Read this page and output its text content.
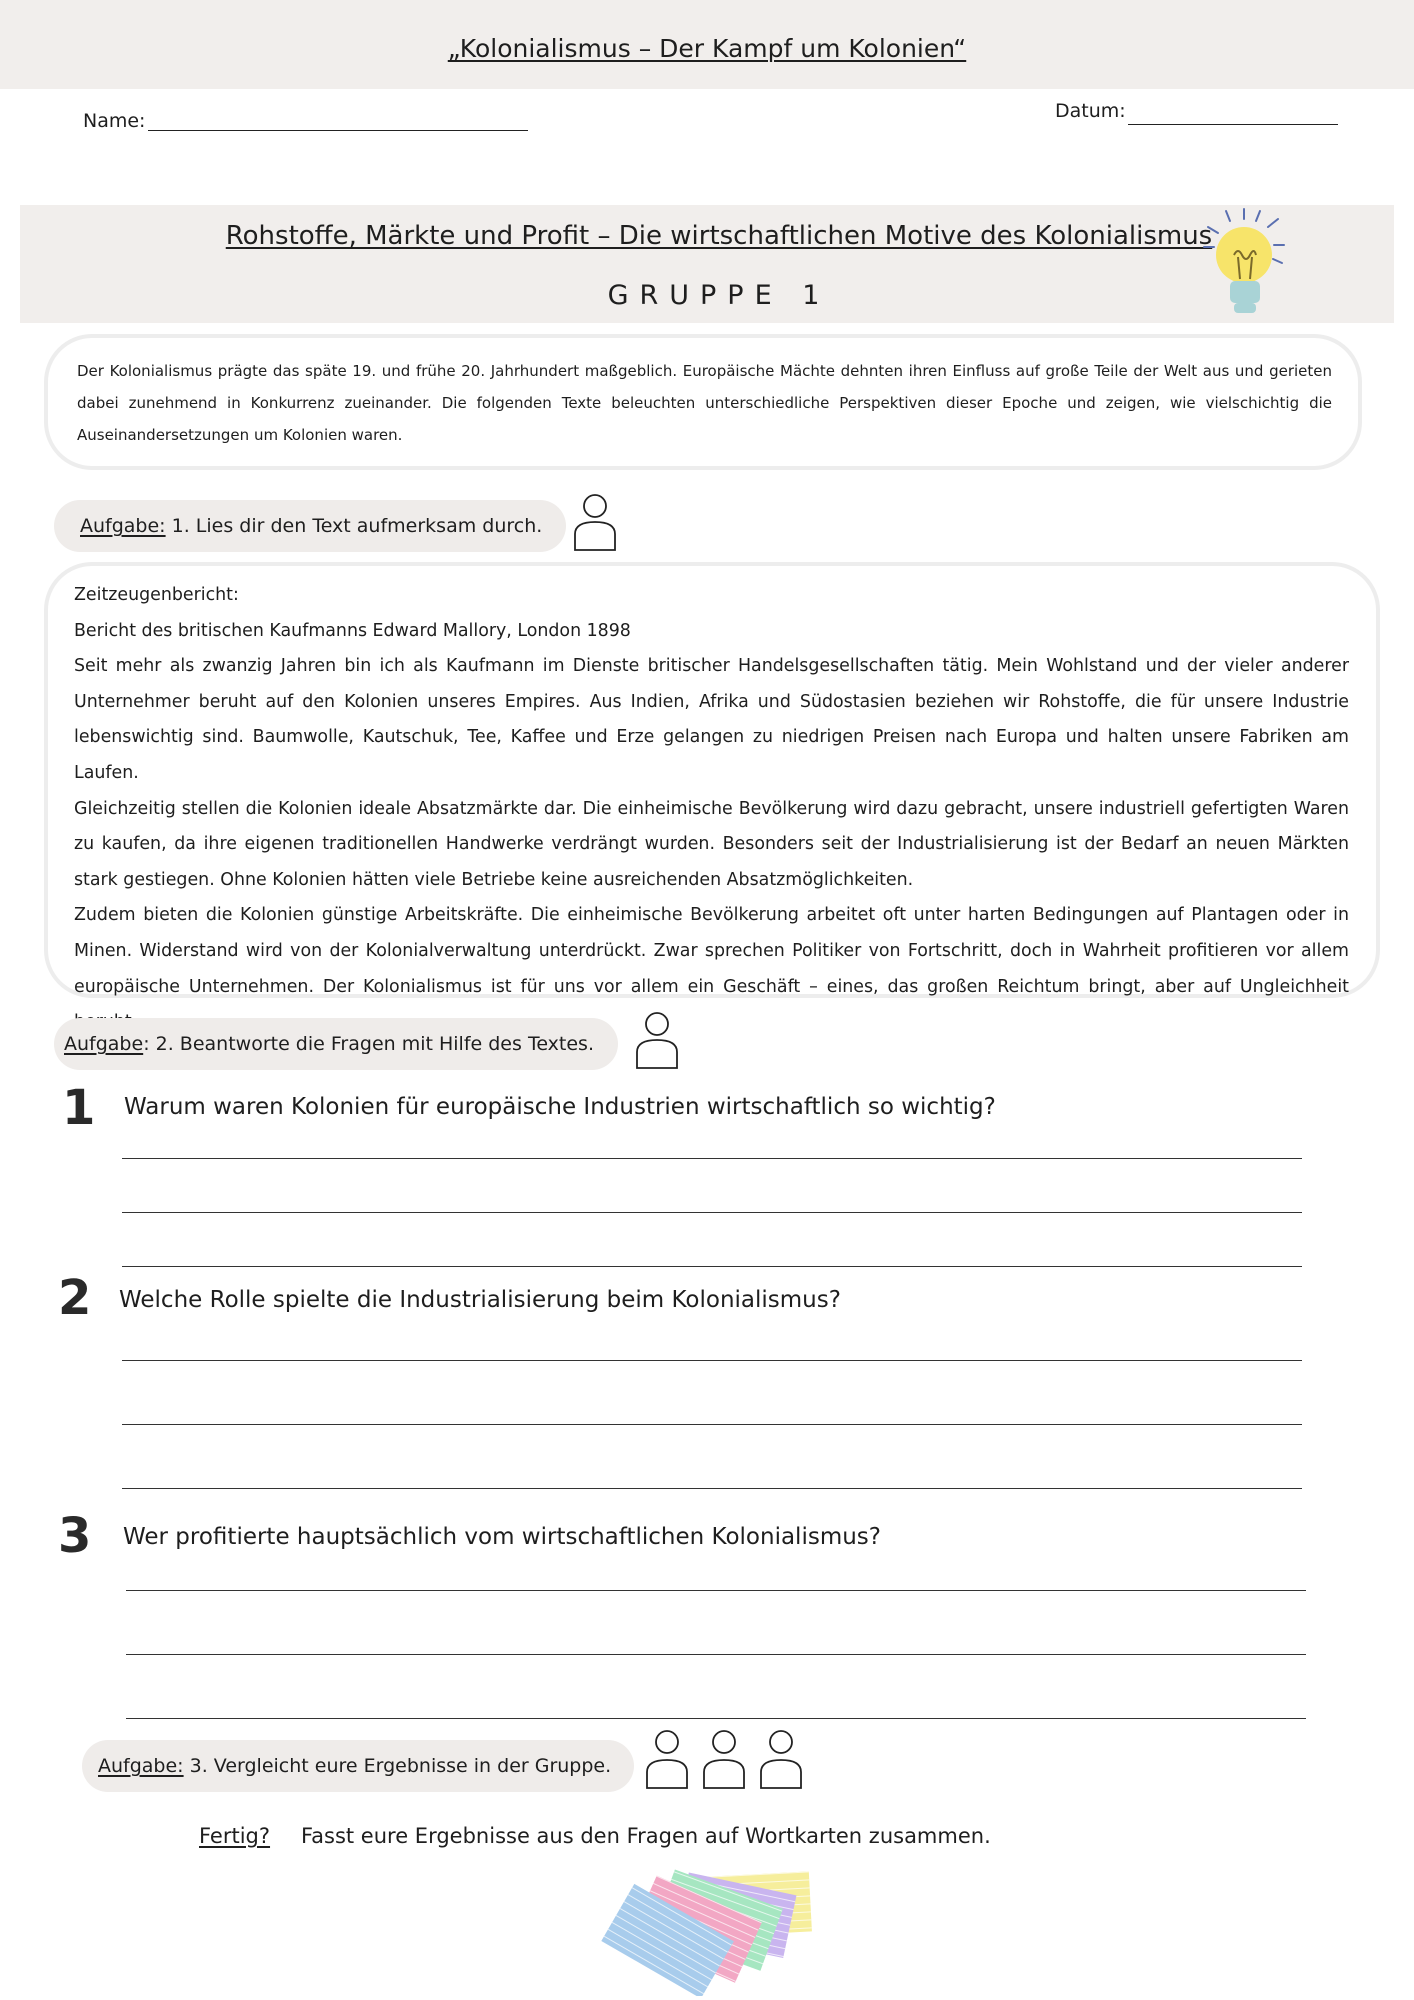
„Kolonialismus – Der Kampf um Kolonien“
Name:	Datum:
Rohstoffe, Märkte und Profit – Die wirtschaftlichen Motive des Kolonialismus
GRUPPE 1
Der Kolonialismus prägte das späte 19. und frühe 20. Jahrhundert maßgeblich. Europäische Mächte dehnten ihren Einfluss auf große Teile der Welt aus und gerieten dabei zunehmend in Konkurrenz zueinander. Die folgenden Texte beleuchten unterschiedliche Perspektiven dieser Epoche und zeigen, wie vielschichtig die Auseinandersetzungen um Kolonien waren.
Aufgabe: 1. Lies dir den Text aufmerksam durch.
Zeitzeugenbericht:
Bericht des britischen Kaufmanns Edward Mallory, London 1898
Seit mehr als zwanzig Jahren bin ich als Kaufmann im Dienste britischer Handelsgesellschaften tätig. Mein Wohlstand und der vieler anderer Unternehmer beruht auf den Kolonien unseres Empires. Aus Indien, Afrika und Südostasien beziehen wir Rohstoffe, die für unsere Industrie lebenswichtig sind. Baumwolle, Kautschuk, Tee, Kaffee und Erze gelangen zu niedrigen Preisen nach Europa und halten unsere Fabriken am Laufen.
Gleichzeitig stellen die Kolonien ideale Absatzmärkte dar. Die einheimische Bevölkerung wird dazu gebracht, unsere industriell gefertigten Waren zu kaufen, da ihre eigenen traditionellen Handwerke verdrängt wurden. Besonders seit der Industrialisierung ist der Bedarf an neuen Märkten stark gestiegen. Ohne Kolonien hätten viele Betriebe keine ausreichenden Absatzmöglichkeiten.
Zudem bieten die Kolonien günstige Arbeitskräfte. Die einheimische Bevölkerung arbeitet oft unter harten Bedingungen auf Plantagen oder in Minen. Widerstand wird von der Kolonialverwaltung unterdrückt. Zwar sprechen Politiker von Fortschritt, doch in Wahrheit profitieren vor allem europäische Unternehmen. Der Kolonialismus ist für uns vor allem ein Geschäft – eines, das großen Reichtum bringt, aber auf Ungleichheit
Aufgabe: 2. Beantworte die Fragen mit Hilfe des Textes.
1 Warum waren Kolonien für europäische Industrien wirtschaftlich so wichtig?
2 Welche Rolle spielte die Industrialisierung beim Kolonialismus?
3 Wer profitierte hauptsächlich vom wirtschaftlichen Kolonialismus?
Aufgabe: 3. Vergleicht eure Ergebnisse in der Gruppe.
Fertig? Fasst eure Ergebnisse aus den Fragen auf Wortkarten zusammen.
